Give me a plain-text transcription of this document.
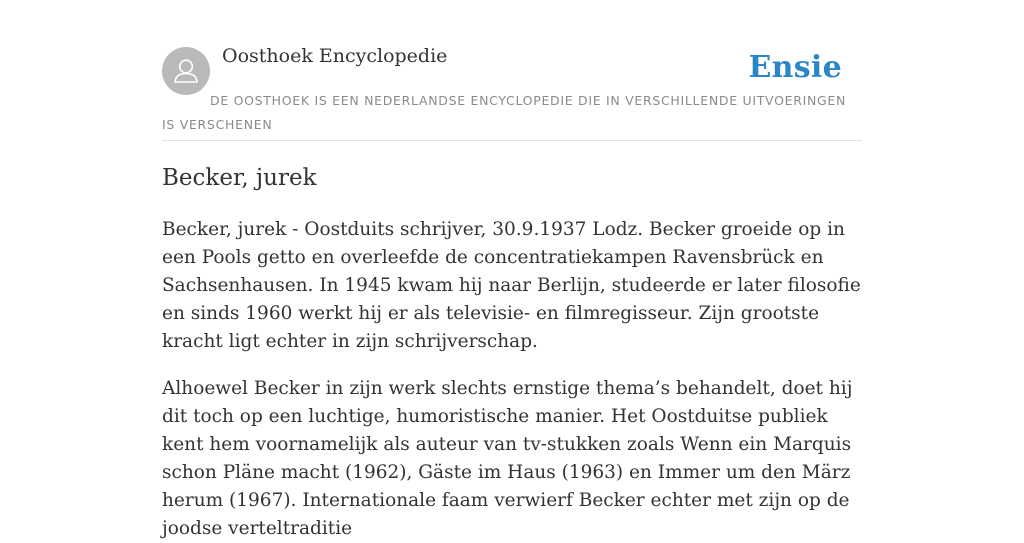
Oosthoek Encyclopedie	Ensie
DE OOSTHOEK IS EEN NEDERLANDSE ENCYCLOPEDIE DIE IN VERSCHILLENDE UITVOERINGEN IS VERSCHENEN
Becker, jurek

Becker, jurek - Oostduits schrijver, 30.9.1937 Lodz. Becker groeide op in een Pools getto en overleefde de concentratiekampen Ravensbrück en Sachsenhausen. In 1945 kwam hij naar Berlijn, studeerde er later filosofie en sinds 1960 werkt hij er als televisie- en filmregisseur. Zijn grootste kracht ligt echter in zijn schrijverschap.

Alhoewel Becker in zijn werk slechts ernstige thema’s behandelt, doet hij dit toch op een luchtige, humoristische manier. Het Oostduitse publiek kent hem voornamelijk als auteur van tv-stukken zoals Wenn ein Marquis schon Pläne macht (1962), Gäste im Haus (1963) en Immer um den März herum (1967). Internationale faam verwierf Becker echter met zijn op de joodse verteltraditie
